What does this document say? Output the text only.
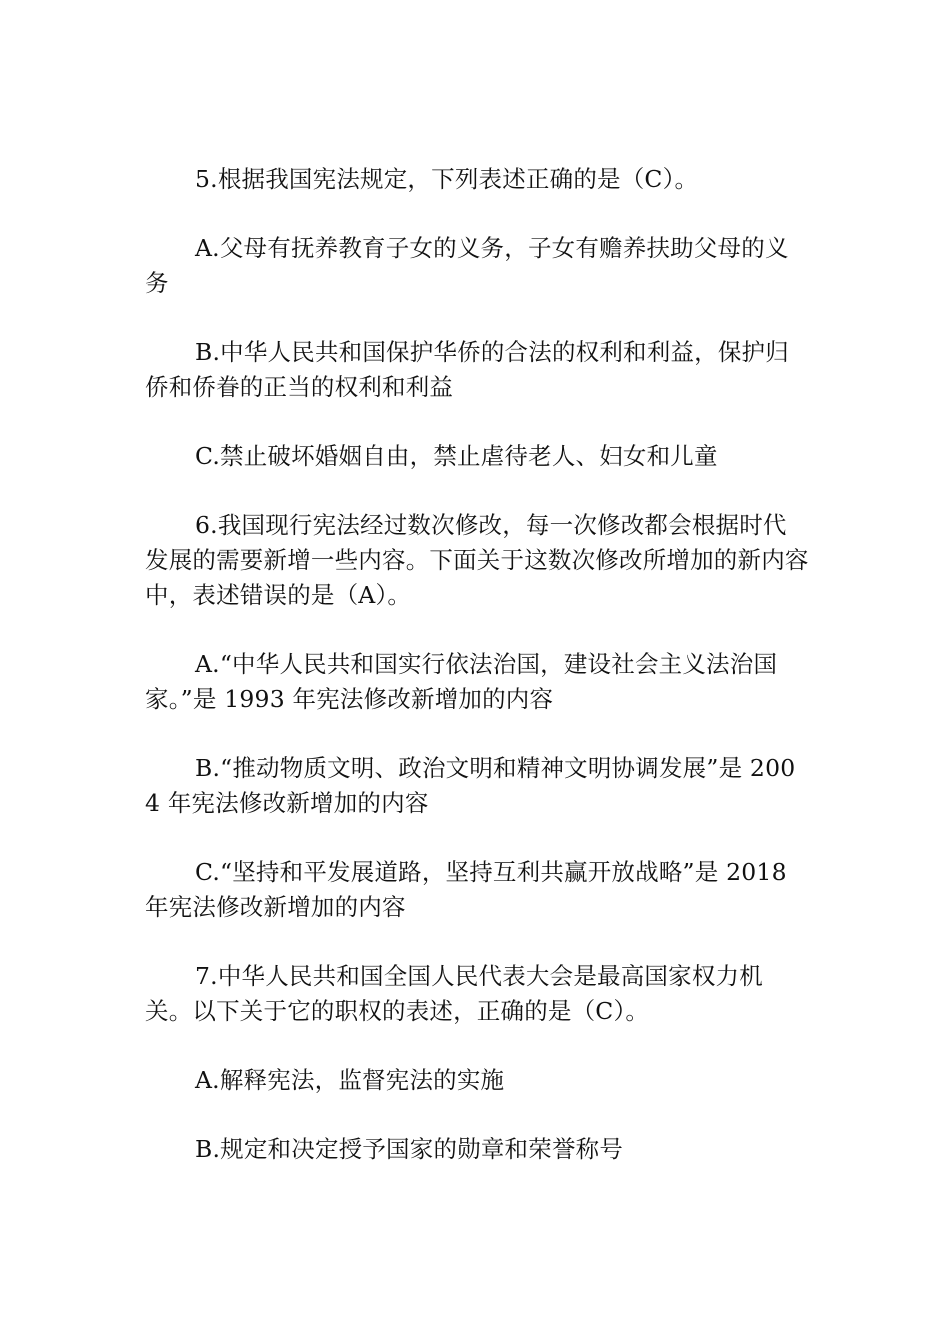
5.根据我国宪法规定，下列表述正确的是（C）。

A.父母有抚养教育子女的义务，子女有赡养扶助父母的义务

B.中华人民共和国保护华侨的合法的权利和利益，保护归侨和侨眷的正当的权利和利益

C.禁止破坏婚姻自由，禁止虐待老人、妇女和儿童

6.我国现行宪法经过数次修改，每一次修改都会根据时代发展的需要新增一些内容。下面关于这数次修改所增加的新内容中，表述错误的是（A）。

A.“中华人民共和国实行依法治国，建设社会主义法治国家。”是 1993 年宪法修改新增加的内容

B.“推动物质文明、政治文明和精神文明协调发展”是 2004 年宪法修改新增加的内容

C.“坚持和平发展道路，坚持互利共赢开放战略”是 2018 年宪法修改新增加的内容

7.中华人民共和国全国人民代表大会是最高国家权力机关。以下关于它的职权的表述，正确的是（C）。

A.解释宪法，监督宪法的实施

B.规定和决定授予国家的勋章和荣誉称号
